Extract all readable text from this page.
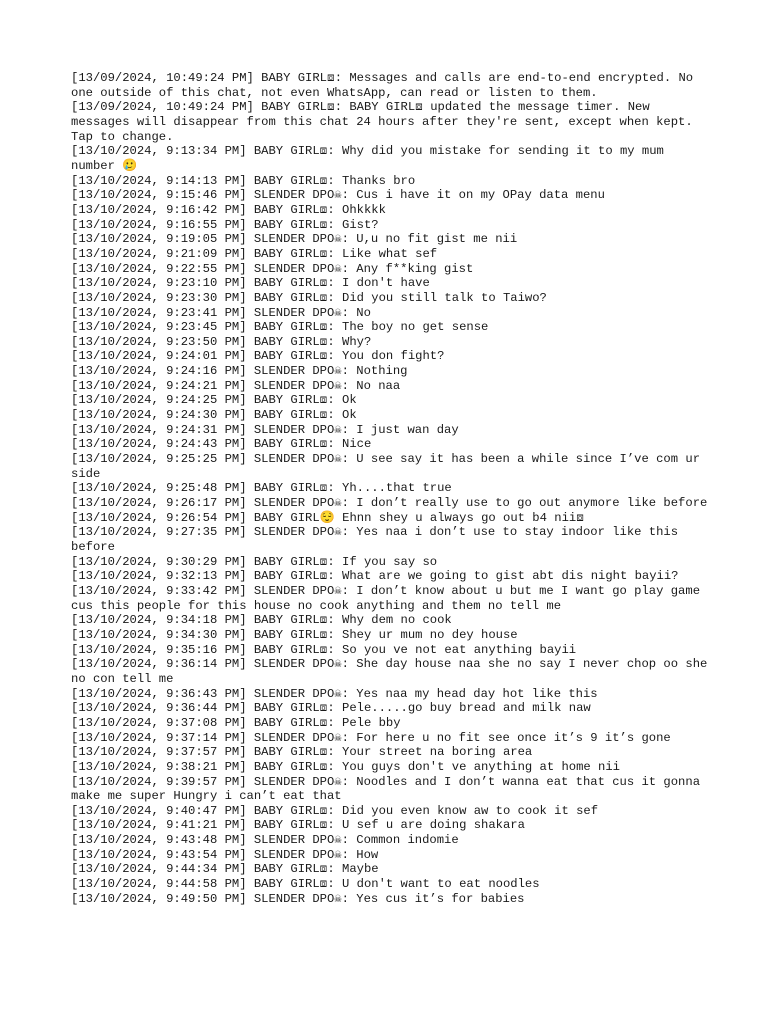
[13/09/2024, 10:49:24 PM] BABY GIRL⧈: Messages and calls are end-to-end encrypted. No one outside of this chat, not even WhatsApp, can read or listen to them.

[13/09/2024, 10:49:24 PM] BABY GIRL⧈: BABY GIRL⧈ updated the message timer. New messages will disappear from this chat 24 hours after they're sent, except when kept. Tap to change.

[13/10/2024, 9:13:34 PM] BABY GIRL⧈: Why did you mistake for sending it to my mum number 🥲

[13/10/2024, 9:14:13 PM] BABY GIRL⧈: Thanks bro

[13/10/2024, 9:15:46 PM] SLENDER DPO☠: Cus i have it on my OPay data menu

[13/10/2024, 9:16:42 PM] BABY GIRL⧈: Ohkkkk

[13/10/2024, 9:16:55 PM] BABY GIRL⧈: Gist?

[13/10/2024, 9:19:05 PM] SLENDER DPO☠: U,u no fit gist me nii

[13/10/2024, 9:21:09 PM] BABY GIRL⧈: Like what sef

[13/10/2024, 9:22:55 PM] SLENDER DPO☠: Any f**king gist

[13/10/2024, 9:23:10 PM] BABY GIRL⧈: I don't have

[13/10/2024, 9:23:30 PM] BABY GIRL⧈: Did you still talk to Taiwo?

[13/10/2024, 9:23:41 PM] SLENDER DPO☠: No

[13/10/2024, 9:23:45 PM] BABY GIRL⧈: The boy no get sense

[13/10/2024, 9:23:50 PM] BABY GIRL⧈: Why?

[13/10/2024, 9:24:01 PM] BABY GIRL⧈: You don fight?

[13/10/2024, 9:24:16 PM] SLENDER DPO☠: Nothing

[13/10/2024, 9:24:21 PM] SLENDER DPO☠: No naa

[13/10/2024, 9:24:25 PM] BABY GIRL⧈: Ok

[13/10/2024, 9:24:30 PM] BABY GIRL⧈: Ok

[13/10/2024, 9:24:31 PM] SLENDER DPO☠: I just wan day

[13/10/2024, 9:24:43 PM] BABY GIRL⧈: Nice

[13/10/2024, 9:25:25 PM] SLENDER DPO☠: U see say it has been a while since I’ve com ur side

[13/10/2024, 9:25:48 PM] BABY GIRL⧈: Yh....that true

[13/10/2024, 9:26:17 PM] SLENDER DPO☠: I don’t really use to go out anymore like before

[13/10/2024, 9:26:54 PM] BABY GIRL😌 Ehnn shey u always go out b4 nii⧈

[13/10/2024, 9:27:35 PM] SLENDER DPO☠: Yes naa i don’t use to stay indoor like this before

[13/10/2024, 9:30:29 PM] BABY GIRL⧈: If you say so

[13/10/2024, 9:32:13 PM] BABY GIRL⧈: What are we going to gist abt dis night bayii?

[13/10/2024, 9:33:42 PM] SLENDER DPO☠: I don’t know about u but me I want go play game cus this people for this house no cook anything and them no tell me

[13/10/2024, 9:34:18 PM] BABY GIRL⧈: Why dem no cook

[13/10/2024, 9:34:30 PM] BABY GIRL⧈: Shey ur mum no dey house

[13/10/2024, 9:35:16 PM] BABY GIRL⧈: So you ve not eat anything bayii

[13/10/2024, 9:36:14 PM] SLENDER DPO☠: She day house naa she no say I never chop oo she no con tell me

[13/10/2024, 9:36:43 PM] SLENDER DPO☠: Yes naa my head day hot like this

[13/10/2024, 9:36:44 PM] BABY GIRL⧈: Pele.....go buy bread and milk naw

[13/10/2024, 9:37:08 PM] BABY GIRL⧈: Pele bby

[13/10/2024, 9:37:14 PM] SLENDER DPO☠: For here u no fit see once it’s 9 it’s gone

[13/10/2024, 9:37:57 PM] BABY GIRL⧈: Your street na boring area

[13/10/2024, 9:38:21 PM] BABY GIRL⧈: You guys don't ve anything at home nii

[13/10/2024, 9:39:57 PM] SLENDER DPO☠: Noodles and I don’t wanna eat that cus it gonna make me super Hungry i can’t eat that

[13/10/2024, 9:40:47 PM] BABY GIRL⧈: Did you even know aw to cook it sef

[13/10/2024, 9:41:21 PM] BABY GIRL⧈: U sef u are doing shakara

[13/10/2024, 9:43:48 PM] SLENDER DPO☠: Common indomie

[13/10/2024, 9:43:54 PM] SLENDER DPO☠: How

[13/10/2024, 9:44:34 PM] BABY GIRL⧈: Maybe

[13/10/2024, 9:44:58 PM] BABY GIRL⧈: U don't want to eat noodles

[13/10/2024, 9:49:50 PM] SLENDER DPO☠: Yes cus it’s for babies
